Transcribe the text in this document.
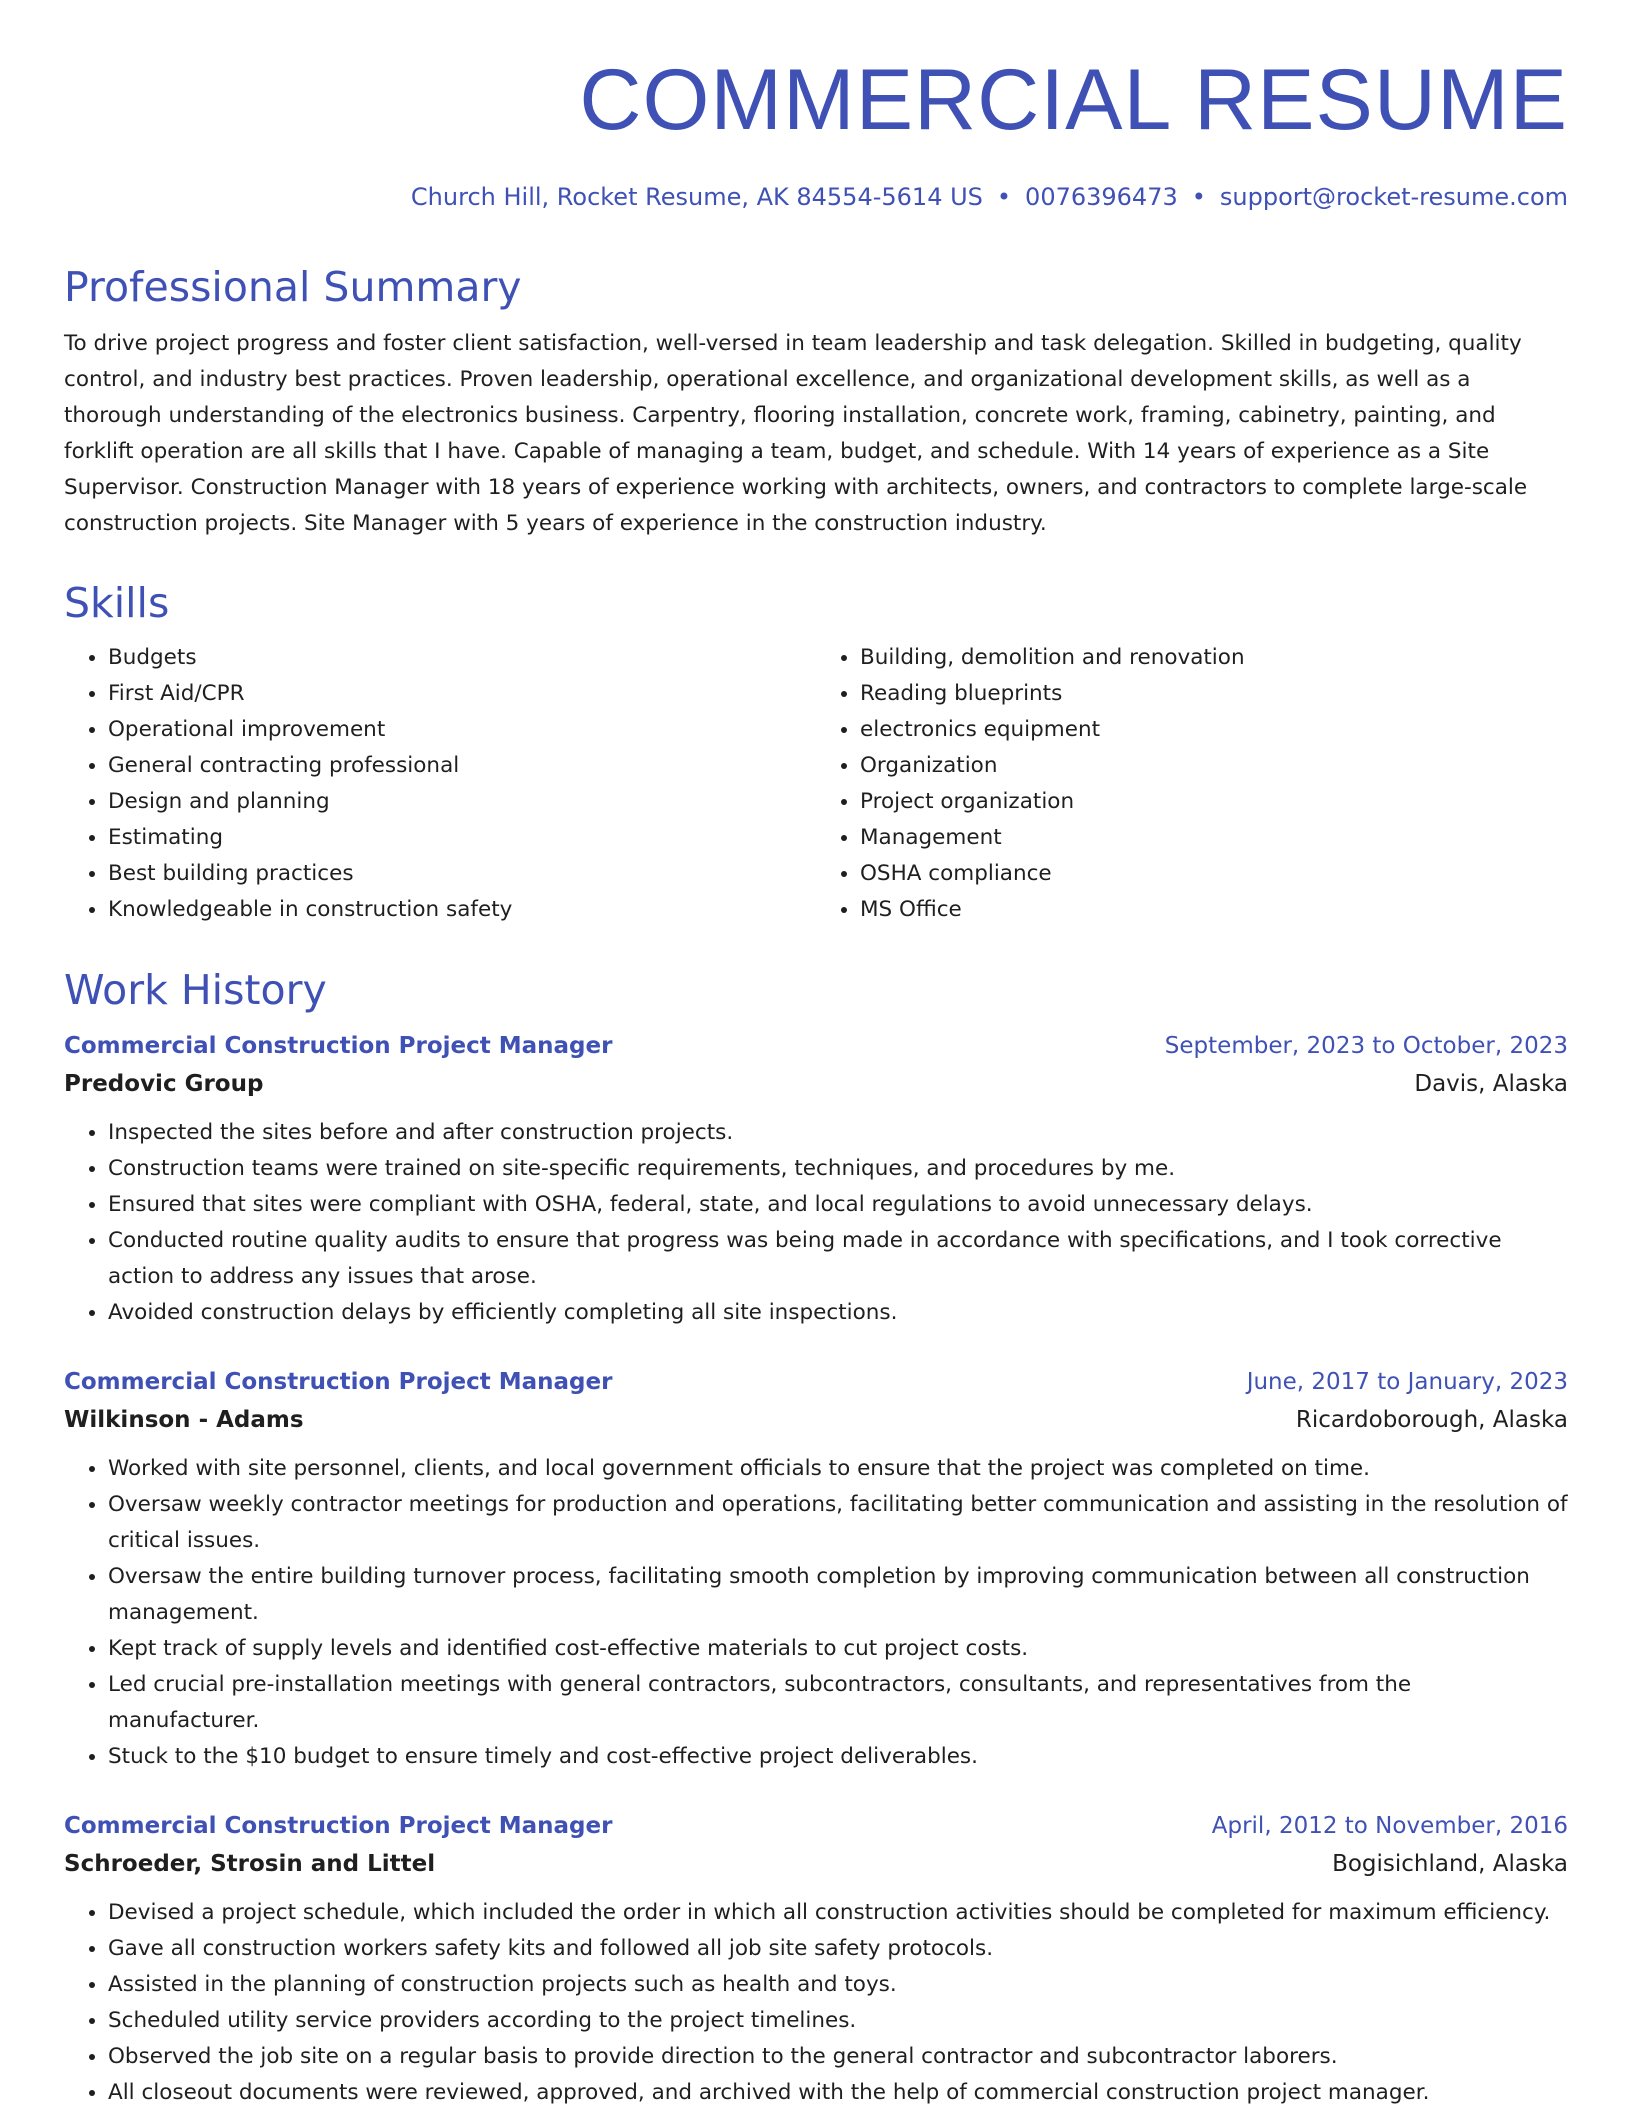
COMMERCIAL RESUME
Church Hill, Rocket Resume, AK 84554-5614 US • 0076396473 • support@rocket-resume.com
Professional Summary
To drive project progress and foster client satisfaction, well-versed in team leadership and task delegation. Skilled in budgeting, quality control, and industry best practices. Proven leadership, operational excellence, and organizational development skills, as well as a thorough understanding of the electronics business. Carpentry, flooring installation, concrete work, framing, cabinetry, painting, and forklift operation are all skills that I have. Capable of managing a team, budget, and schedule. With 14 years of experience as a Site Supervisor. Construction Manager with 18 years of experience working with architects, owners, and contractors to complete large-scale construction projects. Site Manager with 5 years of experience in the construction industry.
Skills
• Budgets
• First Aid/CPR
• Operational improvement
• General contracting professional
• Design and planning
• Estimating
• Best building practices
• Knowledgeable in construction safety
• Building, demolition and renovation
• Reading blueprints
• electronics equipment
• Organization
• Project organization
• Management
• OSHA compliance
• MS Office
Work History
Commercial Construction Project Manager	September, 2023 to October, 2023
Predovic Group	Davis, Alaska
• Inspected the sites before and after construction projects.
• Construction teams were trained on site-specific requirements, techniques, and procedures by me.
• Ensured that sites were compliant with OSHA, federal, state, and local regulations to avoid unnecessary delays.
• Conducted routine quality audits to ensure that progress was being made in accordance with specifications, and I took corrective action to address any issues that arose.
• Avoided construction delays by efficiently completing all site inspections.
Commercial Construction Project Manager	June, 2017 to January, 2023
Wilkinson - Adams	Ricardoborough, Alaska
• Worked with site personnel, clients, and local government officials to ensure that the project was completed on time.
• Oversaw weekly contractor meetings for production and operations, facilitating better communication and assisting in the resolution of critical issues.
• Oversaw the entire building turnover process, facilitating smooth completion by improving communication between all construction management.
• Kept track of supply levels and identified cost-effective materials to cut project costs.
• Led crucial pre-installation meetings with general contractors, subcontractors, consultants, and representatives from the manufacturer.
• Stuck to the $10 budget to ensure timely and cost-effective project deliverables.
Commercial Construction Project Manager	April, 2012 to November, 2016
Schroeder, Strosin and Littel	Bogisichland, Alaska
• Devised a project schedule, which included the order in which all construction activities should be completed for maximum efficiency.
• Gave all construction workers safety kits and followed all job site safety protocols.
• Assisted in the planning of construction projects such as health and toys.
• Scheduled utility service providers according to the project timelines.
• Observed the job site on a regular basis to provide direction to the general contractor and subcontractor laborers.
• All closeout documents were reviewed, approved, and archived with the help of commercial construction project manager.
